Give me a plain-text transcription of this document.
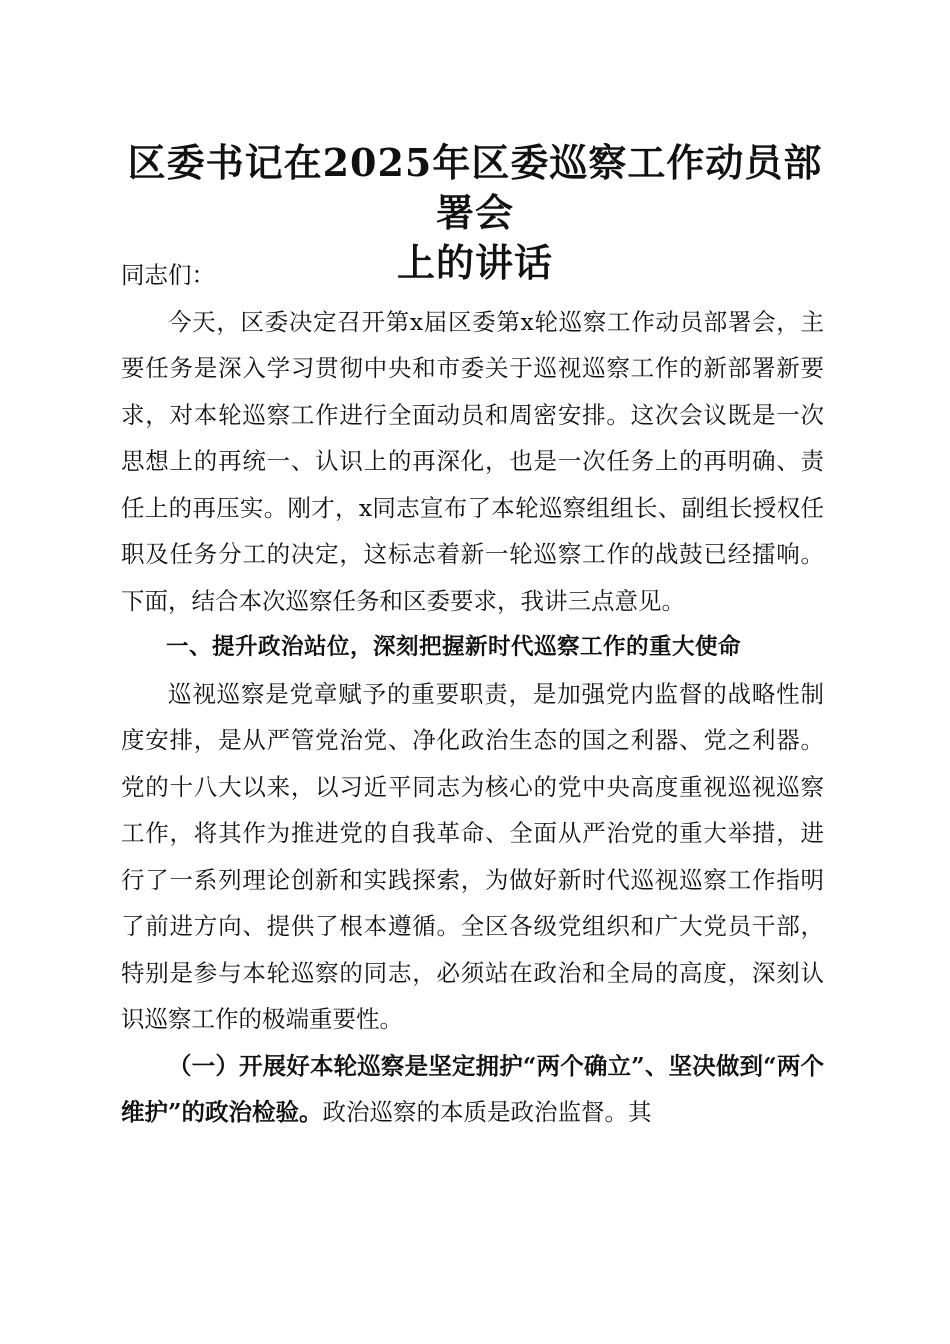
区委书记在2025年区委巡察工作动员部署会
上的讲话

同志们：

今天，区委决定召开第x届区委第x轮巡察工作动员部署会，主要任务是深入学习贯彻中央和市委关于巡视巡察工作的新部署新要求，对本轮巡察工作进行全面动员和周密安排。这次会议既是一次思想上的再统一、认识上的再深化，也是一次任务上的再明确、责任上的再压实。刚才，x同志宣布了本轮巡察组组长、副组长授权任职及任务分工的决定，这标志着新一轮巡察工作的战鼓已经擂响。下面，结合本次巡察任务和区委要求，我讲三点意见。

一、提升政治站位，深刻把握新时代巡察工作的重大使命

巡视巡察是党章赋予的重要职责，是加强党内监督的战略性制度安排，是从严管党治党、净化政治生态的国之利器、党之利器。党的十八大以来，以习近平同志为核心的党中央高度重视巡视巡察工作，将其作为推进党的自我革命、全面从严治党的重大举措，进行了一系列理论创新和实践探索，为做好新时代巡视巡察工作指明了前进方向、提供了根本遵循。全区各级党组织和广大党员干部，特别是参与本轮巡察的同志，必须站在政治和全局的高度，深刻认识巡察工作的极端重要性。

（一）开展好本轮巡察是坚定拥护“两个确立”、坚决做到“两个维护”的政治检验。政治巡察的本质是政治监督。其
